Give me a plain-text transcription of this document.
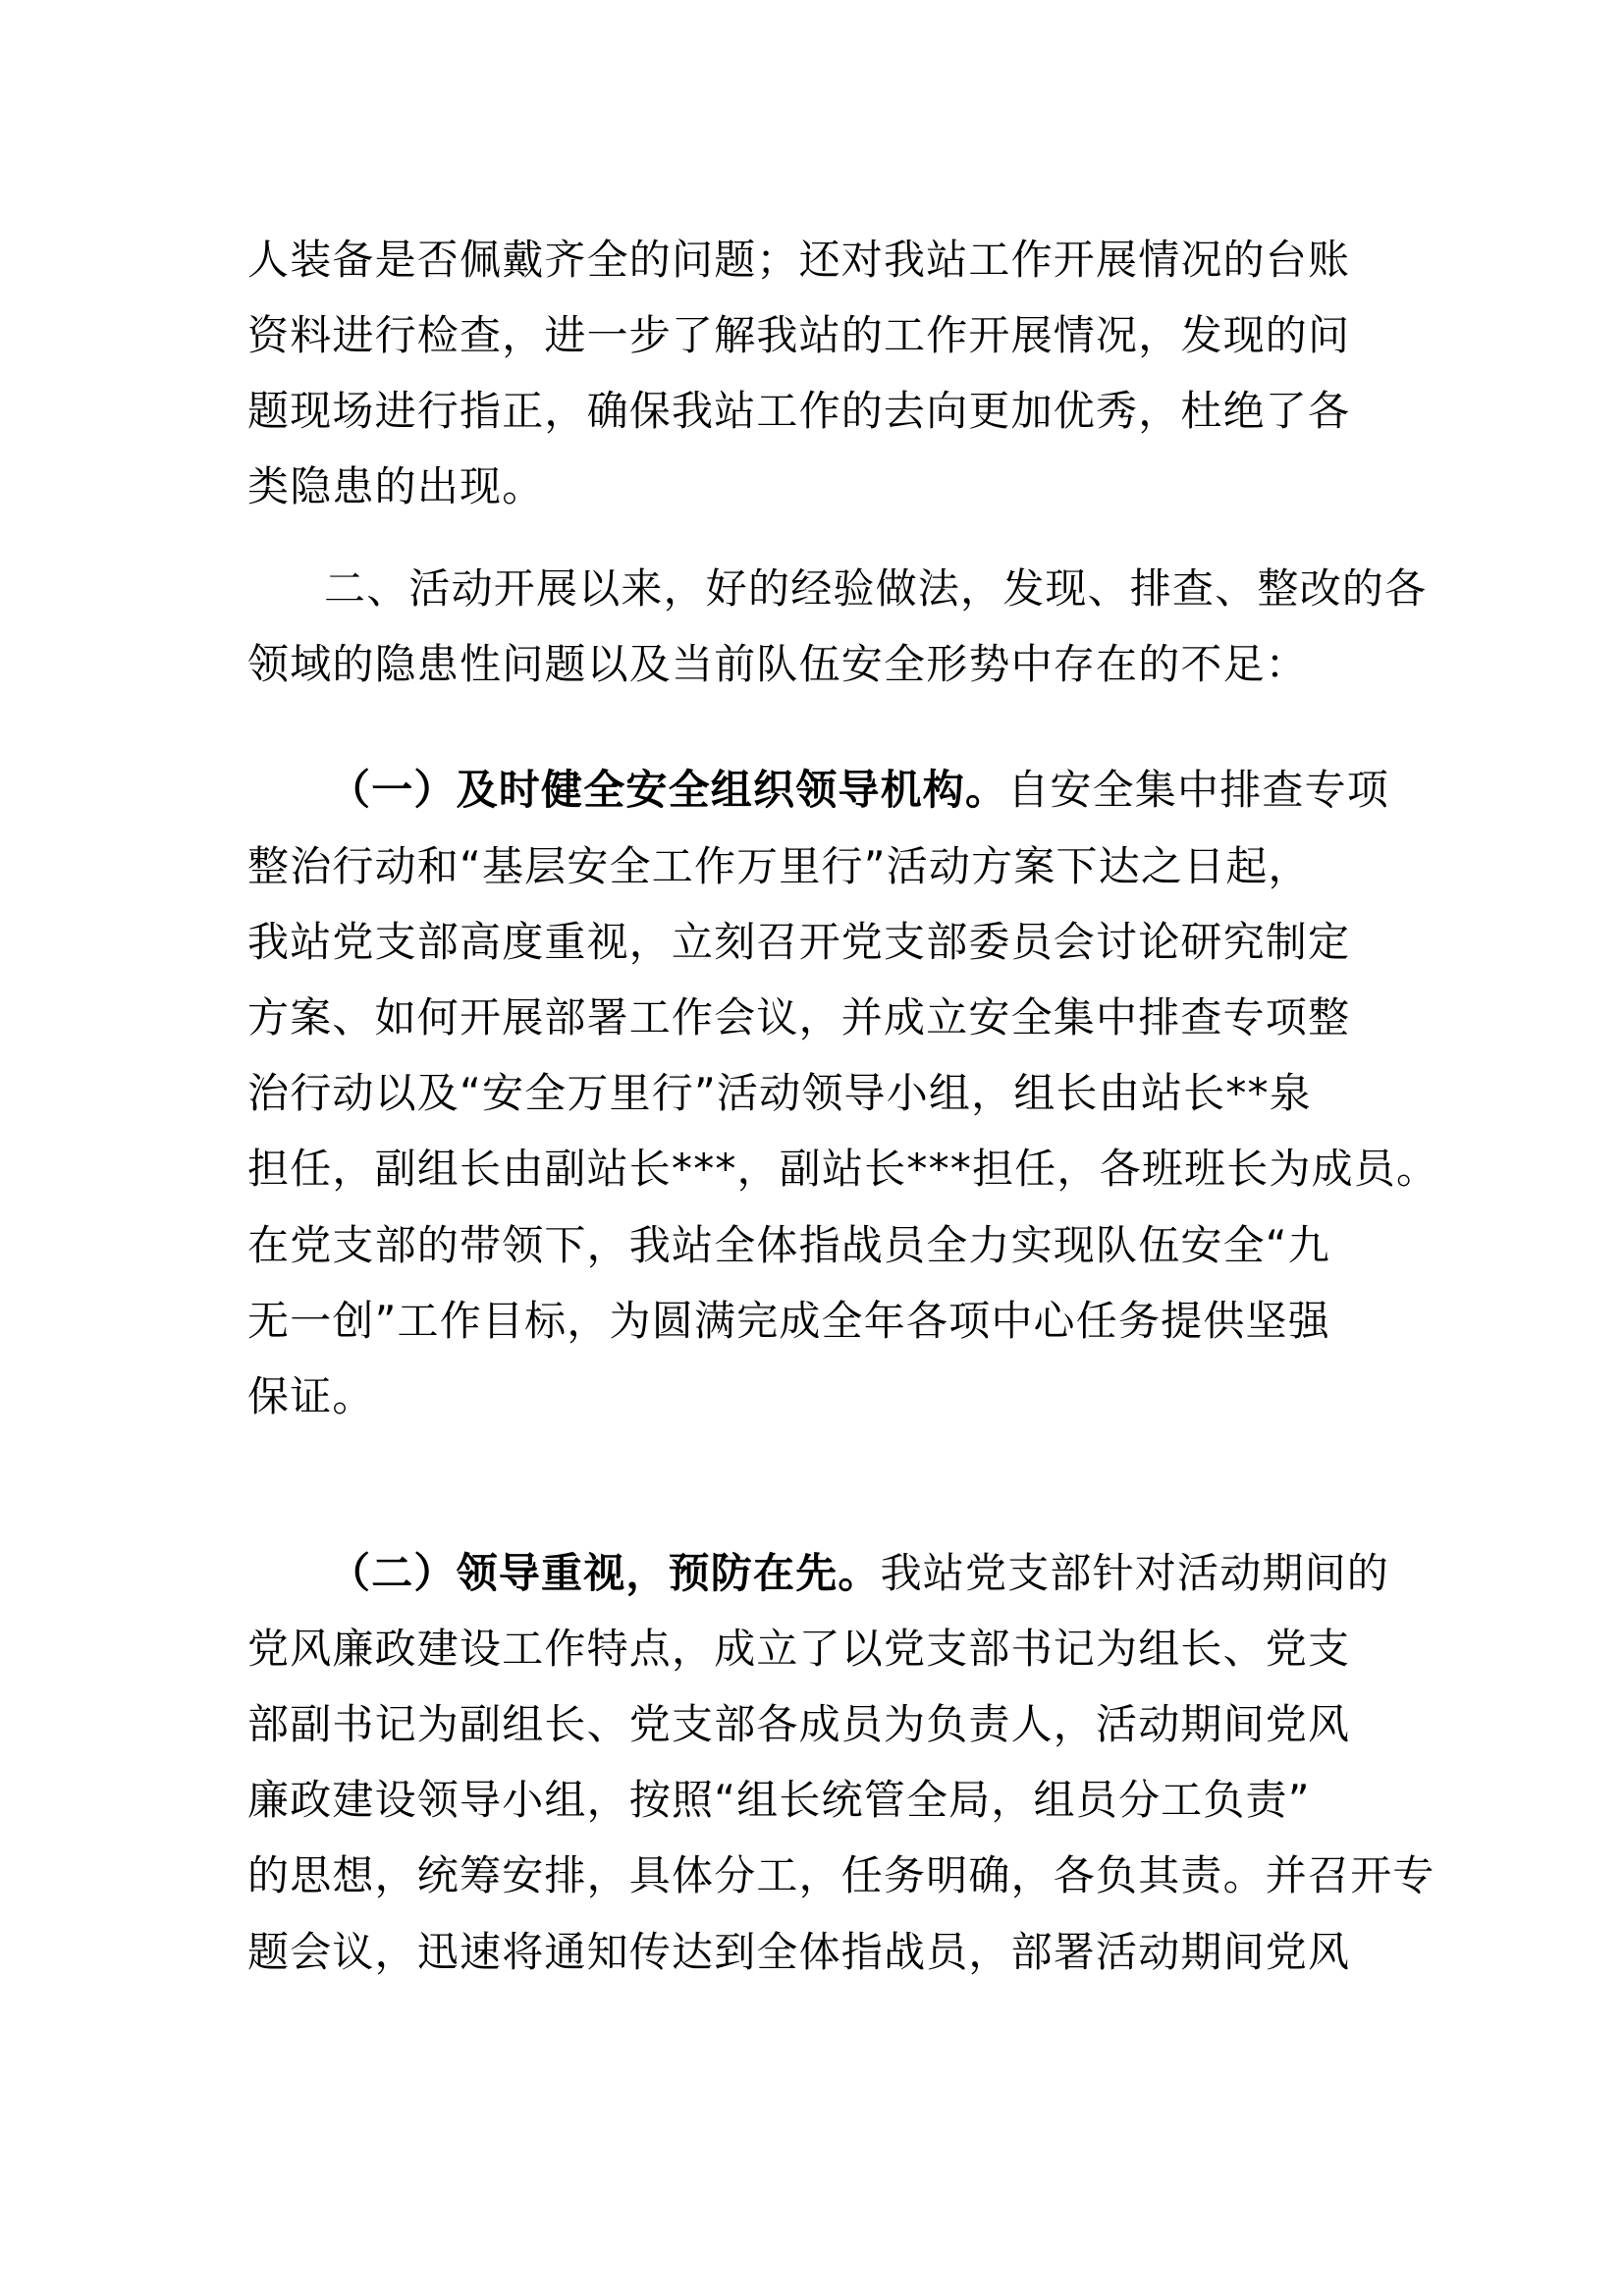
人装备是否佩戴齐全的问题；还对我站工作开展情况的台账
资料进行检查，进一步了解我站的工作开展情况，发现的问
题现场进行指正，确保我站工作的去向更加优秀，杜绝了各
类隐患的出现。
二、活动开展以来，好的经验做法，发现、排查、整改的各
领域的隐患性问题以及当前队伍安全形势中存在的不足：
（一）及时健全安全组织领导机构。自安全集中排查专项
整治行动和“基层安全工作万里行”活动方案下达之日起，
我站党支部高度重视，立刻召开党支部委员会讨论研究制定
方案、如何开展部署工作会议，并成立安全集中排查专项整
治行动以及“安全万里行”活动领导小组，组长由站长**泉
担任，副组长由副站长***，副站长***担任，各班班长为成员。
在党支部的带领下，我站全体指战员全力实现队伍安全“九
无一创”工作目标，为圆满完成全年各项中心任务提供坚强
保证。
（二）领导重视，预防在先。我站党支部针对活动期间的
党风廉政建设工作特点，成立了以党支部书记为组长、党支
部副书记为副组长、党支部各成员为负责人，活动期间党风
廉政建设领导小组，按照“组长统管全局，组员分工负责”
的思想，统筹安排，具体分工，任务明确，各负其责。并召开专
题会议，迅速将通知传达到全体指战员，部署活动期间党风
